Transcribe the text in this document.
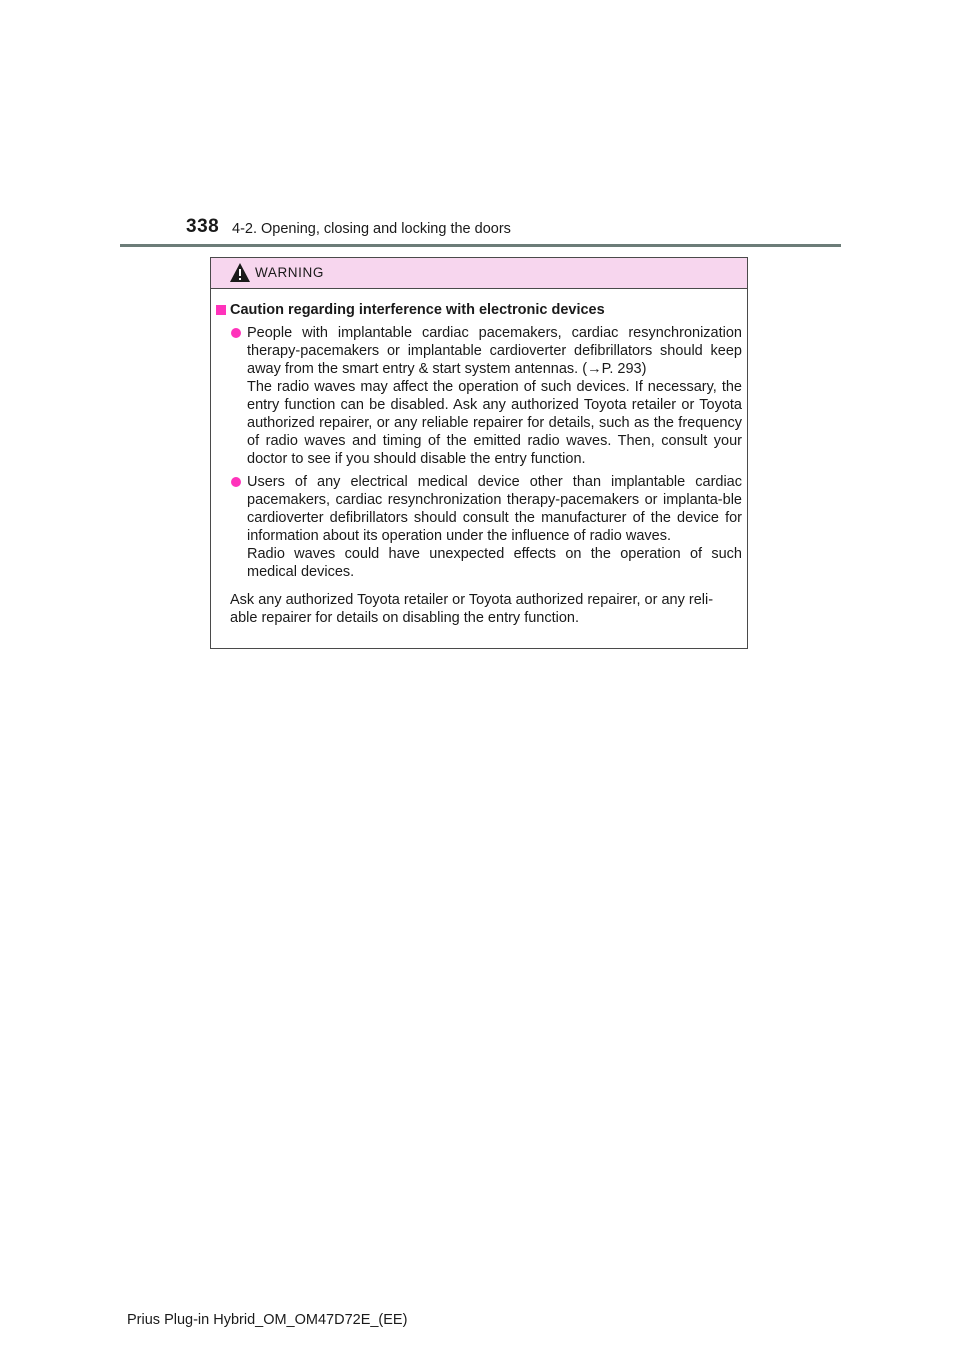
338 4-2. Opening, closing and locking the doors
WARNING
Caution regarding interference with electronic devices

People with implantable cardiac pacemakers, cardiac resynchronization therapy-pacemakers or implantable cardioverter defibrillators should keep away from the smart entry & start system antennas. (→P. 293)

The radio waves may affect the operation of such devices. If necessary, the entry function can be disabled. Ask any authorized Toyota retailer or Toyota authorized repairer, or any reliable repairer for details, such as the frequency of radio waves and timing of the emitted radio waves. Then, consult your doctor to see if you should disable the entry function.

Users of any electrical medical device other than implantable cardiac pacemakers, cardiac resynchronization therapy-pacemakers or implanta-ble cardioverter defibrillators should consult the manufacturer of the device for information about its operation under the influence of radio waves.

Radio waves could have unexpected effects on the operation of such medical devices.

Ask any authorized Toyota retailer or Toyota authorized repairer, or any reli-

able repairer for details on disabling the entry function.

Prius Plug-in Hybrid_OM_OM47D72E_(EE)
